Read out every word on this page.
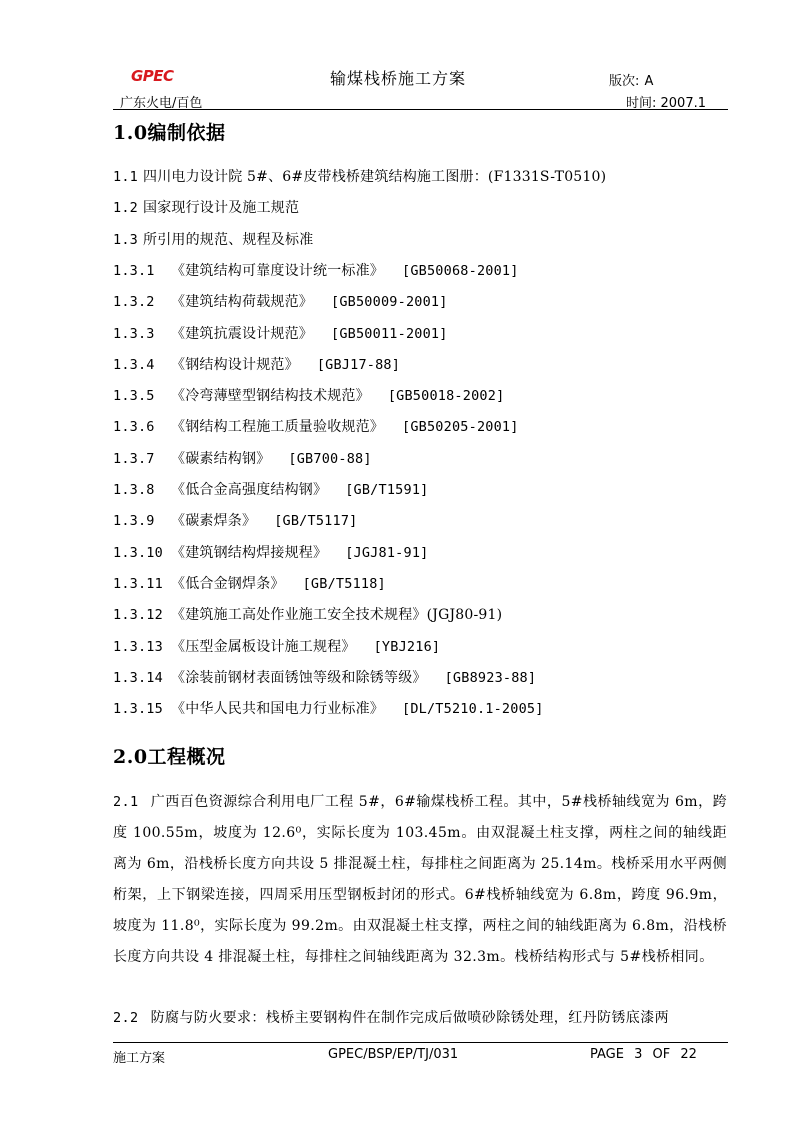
GPEC	输煤栈桥施工方案	版次: A
广东火电/百色	时间: 2007.1
1.0编制依据
1.1 四川电力设计院 5#、6#皮带栈桥建筑结构施工图册：(F1331S-T0510)
1.2 国家现行设计及施工规范
1.3 所引用的规范、规程及标准
1.3.1 《建筑结构可靠度设计统一标准》 [GB50068-2001]
1.3.2 《建筑结构荷载规范》 [GB50009-2001]
1.3.3 《建筑抗震设计规范》 [GB50011-2001]
1.3.4 《钢结构设计规范》 [GBJ17-88]
1.3.5 《冷弯薄壁型钢结构技术规范》 [GB50018-2002]
1.3.6 《钢结构工程施工质量验收规范》 [GB50205-2001]
1.3.7 《碳素结构钢》 [GB700-88]
1.3.8 《低合金高强度结构钢》 [GB/T1591]
1.3.9 《碳素焊条》 [GB/T5117]
1.3.10 《建筑钢结构焊接规程》 [JGJ81-91]
1.3.11 《低合金钢焊条》 [GB/T5118]
1.3.12 《建筑施工高处作业施工安全技术规程》(JGJ80-91)
1.3.13 《压型金属板设计施工规程》 [YBJ216]
1.3.14 《涂装前钢材表面锈蚀等级和除锈等级》 [GB8923-88]
1.3.15 《中华人民共和国电力行业标准》 [DL/T5210.1-2005]
2.0工程概况
2.1 广西百色资源综合利用电厂工程 5#，6#输煤栈桥工程。其中，5#栈桥轴线宽为 6m，跨度 100.55m，坡度为 12.6⁰，实际长度为 103.45m。由双混凝土柱支撑，两柱之间的轴线距离为 6m，沿栈桥长度方向共设 5 排混凝土柱，每排柱之间距离为 25.14m。栈桥采用水平两侧桁架，上下钢梁连接，四周采用压型钢板封闭的形式。6#栈桥轴线宽为 6.8m，跨度 96.9m，坡度为 11.8⁰，实际长度为 99.2m。由双混凝土柱支撑，两柱之间的轴线距离为 6.8m，沿栈桥长度方向共设 4 排混凝土柱，每排柱之间轴线距离为 32.3m。栈桥结构形式与 5#栈桥相同。
2.2 防腐与防火要求：栈桥主要钢构件在制作完成后做喷砂除锈处理，红丹防锈底漆两
施工方案	GPEC/BSP/EP/TJ/031	PAGE 3 OF 22
